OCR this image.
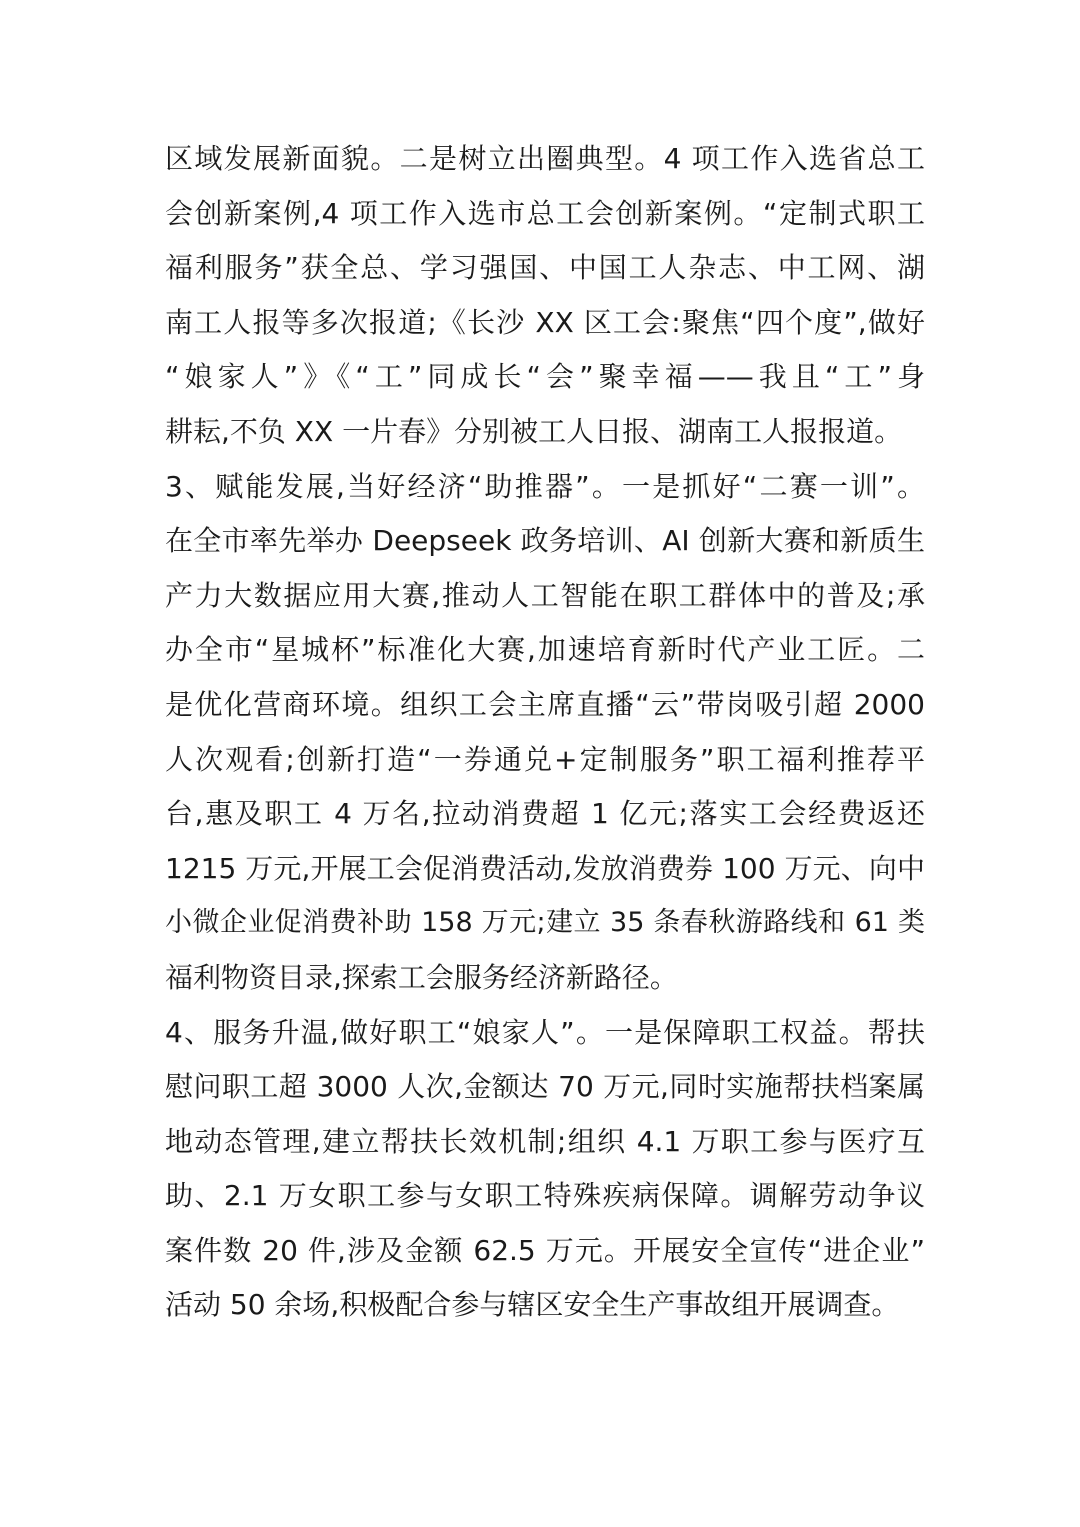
区域发展新面貌。二是树立出圈典型。4 项工作入选省总工
会创新案例,4 项工作入选市总工会创新案例。“定制式职工
福利服务”获全总、学习强国、中国工人杂志、中工网、湖
南工人报等多次报道;《长沙 XX 区工会:聚焦“四个度”,做好
“娘家人”》《“工”同成长“会”聚幸福——我且“工”身
耕耘,不负 XX 一片春》分别被工人日报、湖南工人报报道。
3、赋能发展,当好经济“助推器”。一是抓好“二赛一训”。
在全市率先举办 Deepseek 政务培训、AI 创新大赛和新质生
产力大数据应用大赛,推动人工智能在职工群体中的普及;承
办全市“星城杯”标准化大赛,加速培育新时代产业工匠。二
是优化营商环境。组织工会主席直播“云”带岗吸引超 2000
人次观看;创新打造“一券通兑+定制服务”职工福利推荐平
台,惠及职工 4 万名,拉动消费超 1 亿元;落实工会经费返还
1215 万元,开展工会促消费活动,发放消费券 100 万元、向中
小微企业促消费补助 158 万元;建立 35 条春秋游路线和 61 类
福利物资目录,探索工会服务经济新路径。
4、服务升温,做好职工“娘家人”。一是保障职工权益。帮扶
慰问职工超 3000 人次,金额达 70 万元,同时实施帮扶档案属
地动态管理,建立帮扶长效机制;组织 4.1 万职工参与医疗互
助、2.1 万女职工参与女职工特殊疾病保障。调解劳动争议
案件数 20 件,涉及金额 62.5 万元。开展安全宣传“进企业”
活动 50 余场,积极配合参与辖区安全生产事故组开展调查。
